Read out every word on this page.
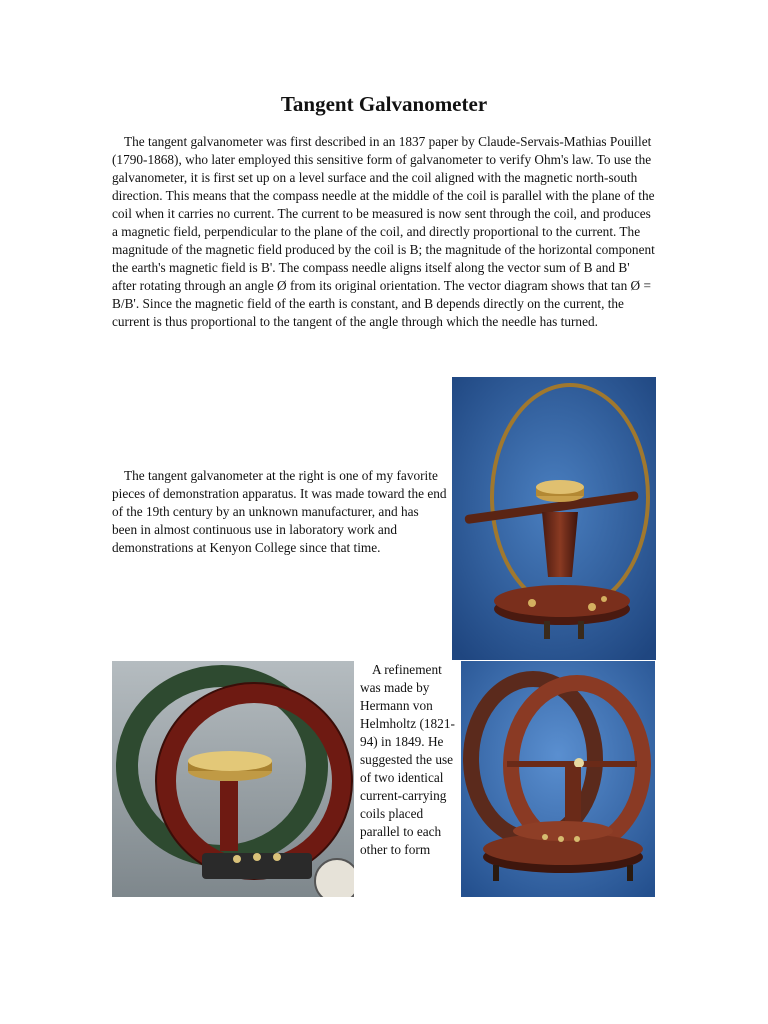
Tangent Galvanometer

The tangent galvanometer was first described in an 1837 paper by Claude-Servais-Mathias Pouillet (1790-1868), who later employed this sensitive form of galvanometer to verify Ohm's law. To use the galvanometer, it is first set up on a level surface and the coil aligned with the magnetic north-south direction. This means that the compass needle at the middle of the coil is parallel with the plane of the coil when it carries no current. The current to be measured is now sent through the coil, and produces a magnetic field, perpendicular to the plane of the coil, and directly proportional to the current. The magnitude of the magnetic field produced by the coil is B; the magnitude of the horizontal component the earth's magnetic field is B'. The compass needle aligns itself along the vector sum of B and B' after rotating through an angle Ø from its original orientation. The vector diagram shows that tan Ø = B/B'. Since the magnetic field of the earth is constant, and B depends directly on the current, the current is thus proportional to the tangent of the angle through which the needle has turned.

The tangent galvanometer at the right is one of my favorite pieces of demonstration apparatus. It was made toward the end of the 19th century by an unknown manufacturer, and has been in almost continuous use in laboratory work and demonstrations at Kenyon College since that time.

A refinement was made by Hermann von Helmholtz (1821-94) in 1849. He suggested the use of two identical current-carrying coils placed parallel to each other to form
